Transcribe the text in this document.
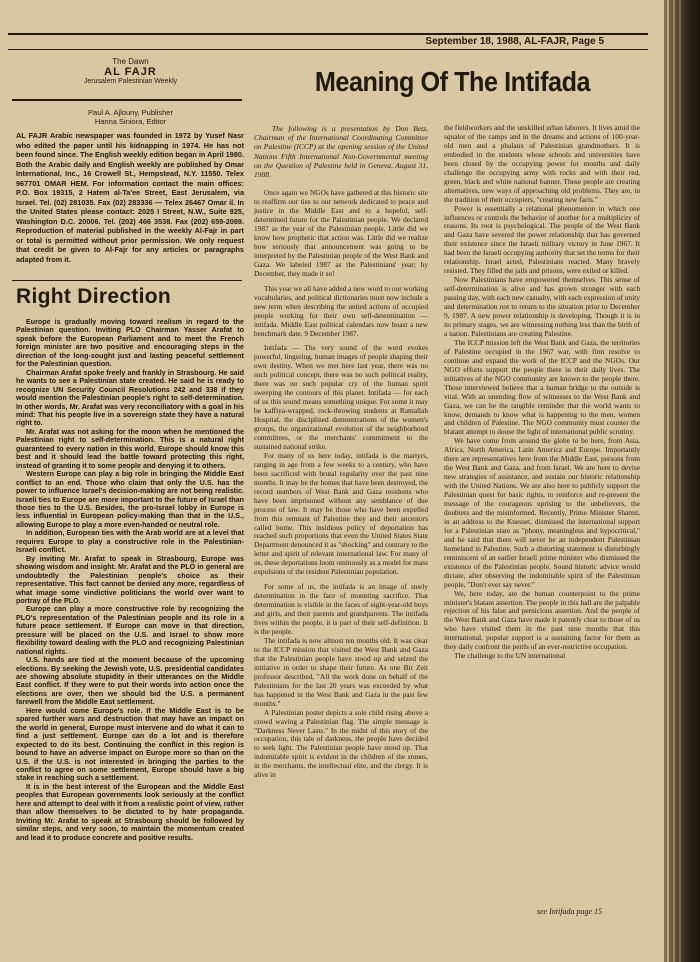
September 18, 1988, AL-FAJR, Page 5
The Dawn
AL FAJR
Jerusalem Palestinian Weekly
Paul A. Ajlouny, Publisher
Hanna Siniora, Editor
AL FAJR Arabic newspaper was founded in 1972 by Yusef Nasr who edited the paper until his kidnapping in 1974. He has not been found since. The English weekly edition began in April 1980. Both the Arabic daily and English weekly are published by Omar International, Inc., 16 Crowell St., Hempstead, N.Y. 11550. Telex 967701 OMAR HEM. For information contact the main offices: P.O. Box 19315, 2 Hatem al-Ta'ee Street, East Jerusalem, via Israel. Tel. (02) 281035. Fax (02) 283336 — Telex 26467 Omar il. In the United States please contact: 2025 I Street, N.W., Suite 925, Washington D.C. 20006. Tel. (202) 466 3538. Fax (202) 659-2089. Reproduction of material published in the weekly Al-Fajr in part or total is permitted without prior permission. We only request that credit be given to Al-Fajr for any articles or paragraphs adapted from it.
Right Direction

Europe is gradually moving toward realism in regard to the Palestinian question. Inviting PLO Chairman Yasser Arafat to speak before the European Parliament and to meet the French foreign minister are two positive and encouraging steps in the direction of the long-sought just and lasting peaceful settlement for the Palestinian question.

Chairman Arafat spoke freely and frankly in Strasbourg. He said he wants to see a Palestinian state created. He said he is ready to recognize UN Security Council Resolutions 242 and 338 if they would mention the Palestinian people's right to self-determination. In other words, Mr. Arafat was very reconciliatory with a goal in his mind: That his people live in a sovereign state they have a natural right to.

Mr. Arafat was not asking for the moon when he mentioned the Palestinian right to self-determination. This is a natural right guaranteed to every nation in this world. Europe should know this best and it should lead the battle toward protecting this right, instead of granting it to some people and denying it to others.

Western Europe can play a big role in bringing the Middle East conflict to an end. Those who claim that only the U.S. has the power to influence Israel's decision-making are not being realistic. Israeli ties to Europe are more important to the future of Israel than those ties to the U.S. Besides, the pro-Israel lobby in Europe is less influential in European policy-making than that in the U.S., allowing Europe to play a more even-handed or neutral role.

In addition, European ties with the Arab world are at a level that requires Europe to play a constructive role in the Palestinian-Israeli conflict.

By inviting Mr. Arafat to speak in Strasbourg, Europe was showing wisdom and insight. Mr. Arafat and the PLO in general are undoubtedly the Palestinian people's choice as their representative. This fact cannot be denied any more, regardless of what image some vindictive politicians the world over want to portray of the PLO.

Europe can play a more constructive role by recognizing the PLO's representation of the Palestinian people and its role in a future peace settlement. If Europe can move in that direction, pressure will be placed on the U.S. and Israel to show more flexibility toward dealing with the PLO and recognizing Palestinian national rights.

U.S. hands are tied at the moment because of the upcoming elections. By seeking the Jewish vote, U.S. presidential candidates are showing absolute stupidity in their utterances on the Middle East conflict. If they were to put their words into action once the elections are over, then we should bid the U.S. a permanent farewell from the Middle East settlement.

Here would come Europe's role. If the Middle East is to be spared further wars and destruction that may have an impact on the world in general, Europe must intervene and do what it can to find a just settlement. Europe can do a lot and is therefore expected to do its best. Continuing the conflict in this region is bound to have an adverse impact on Europe more so than on the U.S. if the U.S. is not interested in bringing the parties to the conflict to agree on some settlement, Europe should have a big stake in reaching such a settlement.

It is in the best interest of the European and the Middle East peoples that European governments look seriously at the conflict here and attempt to deal with it from a realistic point of view, rather than allow themselves to be dictated to by hate propaganda. Inviting Mr. Arafat to speak at Strasbourg should be followed by similar steps, and very soon, to maintain the momentum created and lead it to produce concrete and positive results.

Meaning Of The Intifada

The following is a presentation by Don Betz, Chairman of the International Coordinating Committee on Palestine (ICCP) at the opening session of the United Nations Fifth International Non-Governmental meeting on the Question of Palestine held in Geneva, August 31, 1988.

Once again we NGOs have gathered at this historic site to reaffirm our ties to our network dedicated to peace and justice in the Middle East and to a hopeful, self-determined future for the Palestinian people. We declared 1987 as the year of the Palestinian people. Little did we know how prophetic that action was. Little did we realize how seriously that announcement was going to be interpreted by the Palestinian people of the West Bank and Gaza. We labeled 1987 as the Palestinians' year; by December, they made it so!

This year we all have added a new word to our working vocabularies, and political dictionaries must now include a new term when describing the united actions of occupied people working for their own self-determination — intifada. Middle East political calendars now boast a new benchmark date, 9 December 1987.

Intifada — The very sound of the word evokes powerful, lingering, human images of people shaping their own destiny. When we met here last year, there was no such political concept, there was no such political reality, there was no such popular cry of the human spirit sweeping the contours of this planet. Intifada — for each of us this sound means something unique. For some it may be kaffiya-wrapped, rock-throwing students at Ramallah Hospital, the disciplined demonstrations of the women's groups, the organizational evolution of the neighborhood committees, or the merchants' commitment to the sustained national strike.

For many of us here today, intifada is the martyrs, ranging in age from a few weeks to a century, who have been sacrificed with brutal regularity over the past nine months. It may be the homes that have been destroyed, the record numbers of West Bank and Gaza residents who have been imprisoned without any semblance of due process of law. It may be those who have been expelled from this remnant of Palestine they and their ancestors called home. This insidious policy of deportation has reached such proportions that even the United States State Department denounced it as "shocking" and contrary to the letter and spirit of relevant international law. For many of us, these deportations loom ominously as a model for mass expulsions of the resident Palestinian population.

For some of us, the intifada is an image of steely determination in the face of mounting sacrifice. That determination is visible in the faces of eight-year-old boys and girls, and their parents and grandparents. The intifada lives within the people, it is part of their self-definition. It is the people.

The intifada is now almost ten months old. It was clear to the ICCP mission that visited the West Bank and Gaza that the Palestinian people have stood up and seized the initiative in order to shape their future. As one Bir Zeit professor described, "All the work done on behalf of the Palestinians for the last 20 years was exceeded by what has happened in the West Bank and Gaza in the past few months."

A Palestinian poster depicts a sole child rising above a crowd waving a Palestinian flag. The simple message is "Darkness Never Lasts." In the midst of this story of the occupation, this tale of darkness, the people have decided to seek light. The Palestinian people have stood up. That indomitable spirit is evident in the children of the stones, in the merchants, the intellectual elite, and the clergy. It is alive in

the fieldworkers and the unskilled urban laborers. It lives amid the squalor of the camps and in the dreams and actions of 100-year-old men and a phalanx of Palestinian grandmothers. It is embodied in the students whose schools and universities have been closed by the occupying power for months and daily challenge the occupying army with rocks and with their red, green, black and white national banner. These people are creating alternatives, new ways of approaching old problems. They are, in the tradition of their occupiers, "creating new facts."

Power is essentially a relational phenomenon in which one influences or controls the behavior of another for a multiplicity of reasons. Its root is psychological. The people of the West Bank and Gaza have severed the power relationship that has governed their existence since the Israeli military victory in June 1967. It had been the Israeli occupying authority that set the terms for their relationship. Israel acted, Palestinians reacted. Many bravely resisted. They filled the jails and prisons, were exiled or killed.

Now Palestinians have empowered themselves. This sense of self-determination is alive and has grown stronger with each passing day, with each new casualty, with each expression of unity and determination not to return to the situation prior to December 9, 1987. A new power relationship is developing. Though it is in its primary stages, we are witnessing nothing less than the birth of a nation. Palestinians are creating Palestine.

The ICCP mission left the West Bank and Gaza, the territories of Palestine occupied in the 1967 war, with firm resolve to continue and expand the work of the ICCP and the NGOs. Our NGO efforts support the people there in their daily lives. The initiatives of the NGO community are known to the people there. Those interviewed believe that a human bridge to the outside is vital. With an unending flow of witnesses to the West Bank and Gaza, we can be the tangible reminder that the world wants to know, demands to know what is happening to the men, women and children of Palestine. The NGO community must counter the blatant attempt to douse the light of international public scrutiny.

We have come from around the globe to be here, from Asia, Africa, North America, Latin America and Europe. Importantly there are representatives here from the Middle East, persons from the West Bank and Gaza, and from Israel. We are here to devise new strategies of assistance, and sustain our historic relationship with the United Nations. We are also here to publicly support the Palestinian quest for basic rights, to reinforce and re-present the message of the courageous uprising to the unbelievers, the doubters and the misinformed. Recently, Prime Minister Shamir, in an address to the Knesset, dismissed the international support for a Palestinian state as "phony, meaningless and hypocritical," and he said that there will never be an independent Palestinian homeland in Palestine. Such a distorting statement is disturbingly reminiscent of an earlier Israeli prime minister who dismissed the existence of the Palestinian people. Sound historic advice would dictate, after observing the indomitable spirit of the Palestinian people, "Don't ever say never."

We, here today, are the human counterpoint to the prime minister's blatant assertion. The people in this hall are the palpable rejection of his false and pernicious assertion. And the people of the West Bank and Gaza have made it patently clear to those of us who have visited them in the past nine months that this international, popular support is a sustaining factor for them as they daily confront the perils of an ever-restrictive occupation.

The challenge to the UN international

see Intifada page 15
